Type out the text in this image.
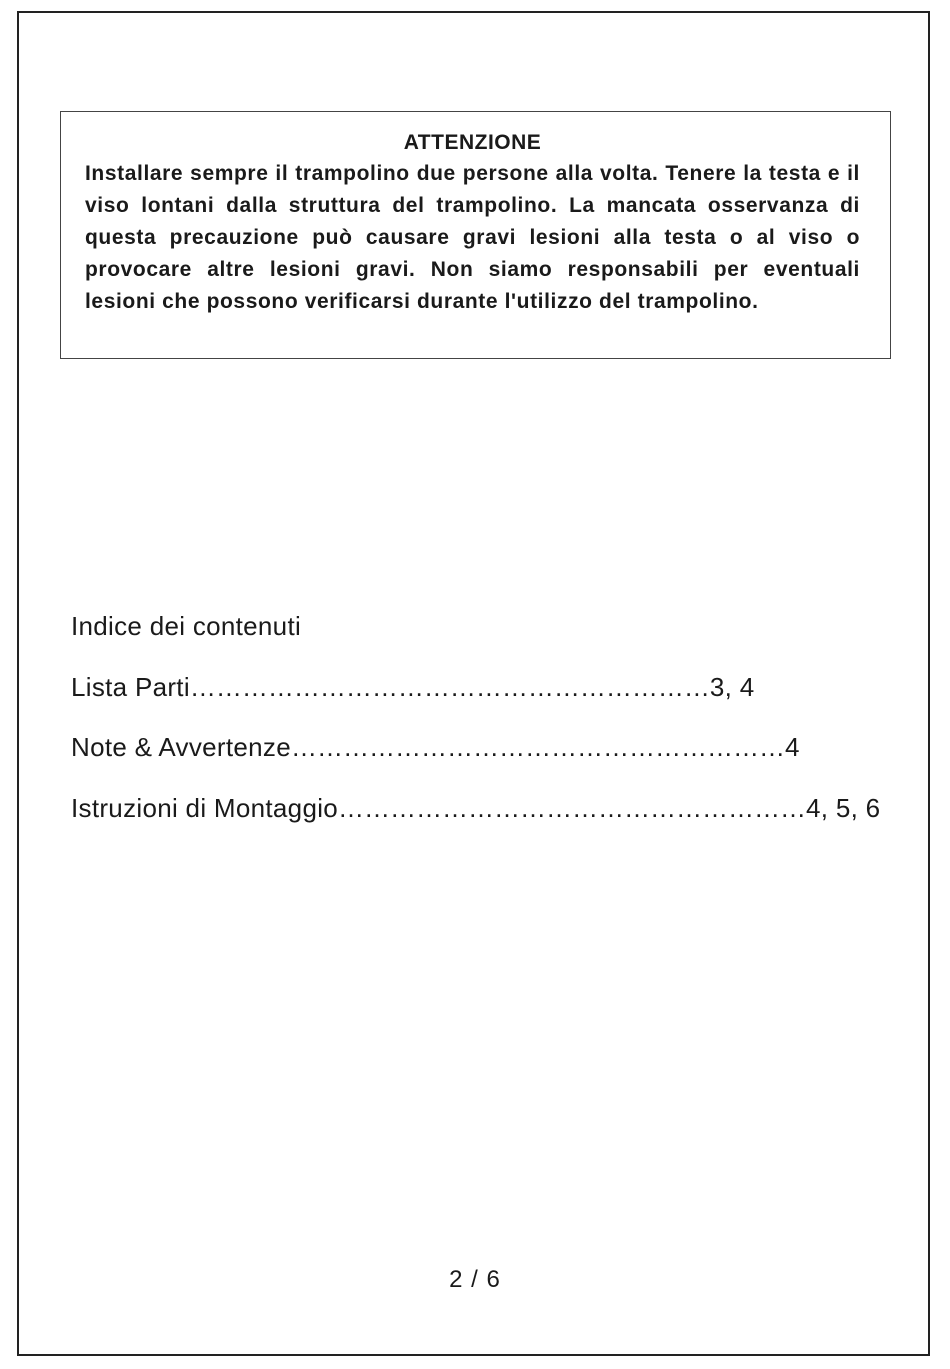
ATTENZIONE

Installare sempre il trampolino due persone alla volta. Tenere la testa e il viso lontani dalla struttura del trampolino. La mancata osservanza di questa precauzione può causare gravi lesioni alla testa o al viso o provocare altre lesioni gravi. Non siamo responsabili per eventuali lesioni che possono verificarsi durante l'utilizzo del trampolino.

Indice dei contenuti
Lista Parti……………………………………………………3, 4
Note & Avvertenze…………………………………………………4
Istruzioni di Montaggio………………………………………………4, 5, 6
2 / 6
